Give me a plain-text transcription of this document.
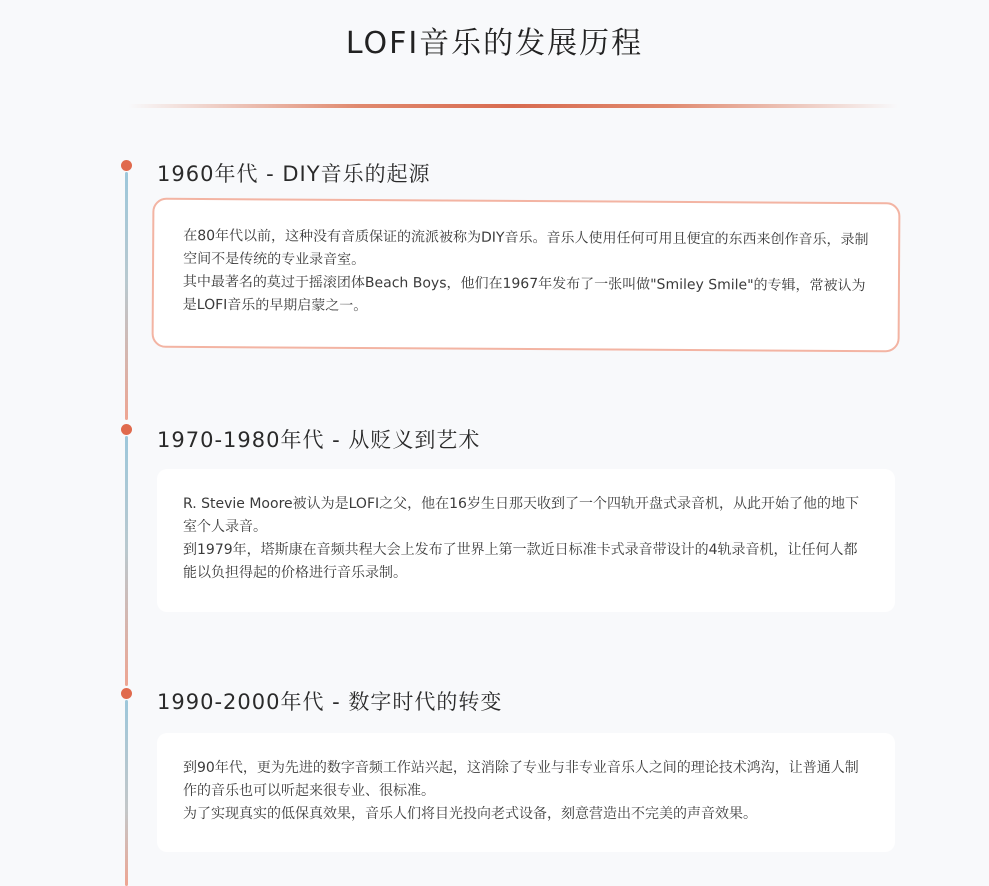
LOFI音乐的发展历程
1960年代 - DIY音乐的起源

在80年代以前，这种没有音质保证的流派被称为DIY音乐。音乐人使用任何可用且便宜的东西来创作音乐，录制空间不是传统的专业录音室。

其中最著名的莫过于摇滚团体Beach Boys，他们在1967年发布了一张叫做"Smiley Smile"的专辑，常被认为是LOFI音乐的早期启蒙之一。

1970-1980年代 - 从贬义到艺术

R. Stevie Moore被认为是LOFI之父，他在16岁生日那天收到了一个四轨开盘式录音机，从此开始了他的地下室个人录音。

到1979年，塔斯康在音频共程大会上发布了世界上第一款近日标准卡式录音带设计的4轨录音机，让任何人都能以负担得起的价格进行音乐录制。

1990-2000年代 - 数字时代的转变

到90年代，更为先进的数字音频工作站兴起，这消除了专业与非专业音乐人之间的理论技术鸿沟，让普通人制作的音乐也可以听起来很专业、很标准。

为了实现真实的低保真效果，音乐人们将目光投向老式设备，刻意营造出不完美的声音效果。
